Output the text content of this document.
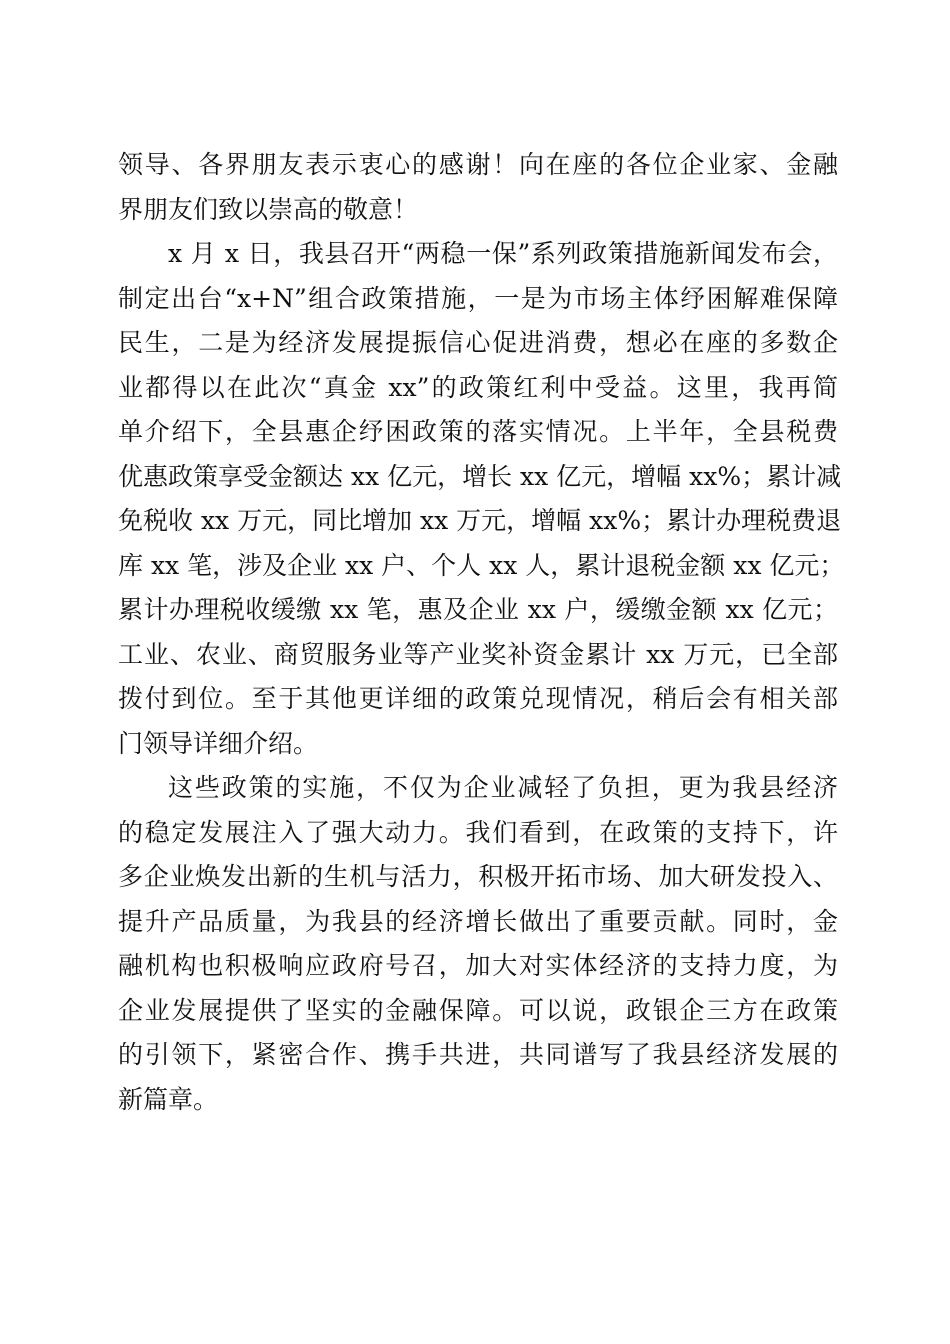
领导、各界朋友表示衷心的感谢！向在座的各位企业家、金融
界朋友们致以崇高的敬意！
x 月 x 日，我县召开“两稳一保”系列政策措施新闻发布会，
制定出台“x+N”组合政策措施，一是为市场主体纾困解难保障
民生，二是为经济发展提振信心促进消费，想必在座的多数企
业都得以在此次“真金 xx”的政策红利中受益。这里，我再简
单介绍下，全县惠企纾困政策的落实情况。上半年，全县税费
优惠政策享受金额达 xx 亿元，增长 xx 亿元，增幅 xx%；累计减
免税收 xx 万元，同比增加 xx 万元，增幅 xx%；累计办理税费退
库 xx 笔，涉及企业 xx 户、个人 xx 人，累计退税金额 xx 亿元；
累计办理税收缓缴 xx 笔，惠及企业 xx 户，缓缴金额 xx 亿元；
工业、农业、商贸服务业等产业奖补资金累计 xx 万元，已全部
拨付到位。至于其他更详细的政策兑现情况，稍后会有相关部
门领导详细介绍。
这些政策的实施，不仅为企业减轻了负担，更为我县经济
的稳定发展注入了强大动力。我们看到，在政策的支持下，许
多企业焕发出新的生机与活力，积极开拓市场、加大研发投入、
提升产品质量，为我县的经济增长做出了重要贡献。同时，金
融机构也积极响应政府号召，加大对实体经济的支持力度，为
企业发展提供了坚实的金融保障。可以说，政银企三方在政策
的引领下，紧密合作、携手共进，共同谱写了我县经济发展的
新篇章。
